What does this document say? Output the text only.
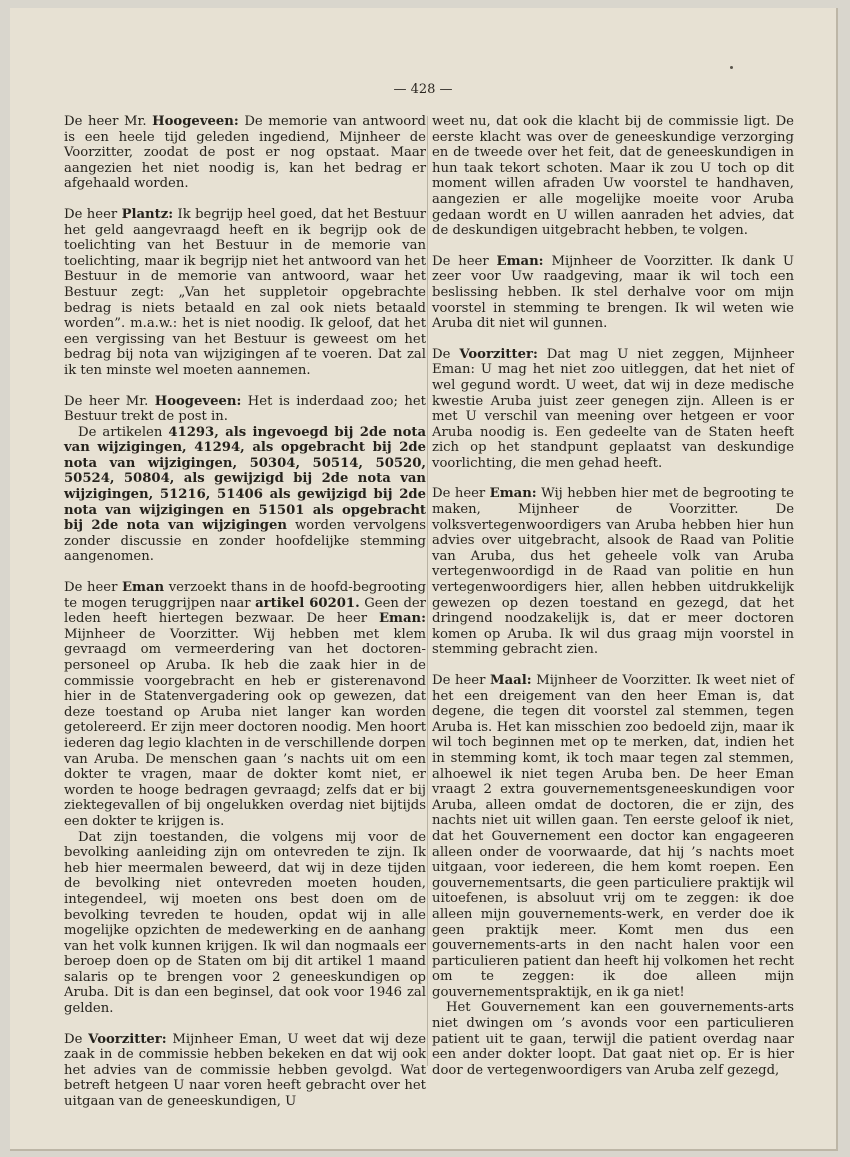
— 428 —

De heer Mr. Hoogeveen: De memorie van antwoord is een heele tijd geleden ingediend, Mijnheer de Voorzitter, zoodat de post er nog opstaat. Maar aangezien het niet noodig is, kan het bedrag er afgehaald worden.

De heer Plantz: Ik begrijp heel goed, dat het Bestuur het geld aangevraagd heeft en ik begrijp ook de toelichting van het Bestuur in de memorie van toelichting, maar ik begrijp niet het antwoord van het Bestuur in de memorie van antwoord, waar het Bestuur zegt: „Van het suppletoir opgebrachte bedrag is niets betaald en zal ook niets betaald worden”. m.a.w.: het is niet noodig. Ik geloof, dat het een vergissing van het Bestuur is geweest om het bedrag bij nota van wijzigingen af te voeren. Dat zal ik ten minste wel moeten aannemen.

De heer Mr. Hoogeveen: Het is inderdaad zoo; het Bestuur trekt de post in.

De artikelen 41293, als ingevoegd bij 2de nota van wijzigingen, 41294, als opgebracht bij 2de nota van wijzigingen, 50304, 50514, 50520, 50524, 50804, als gewijzigd bij 2de nota van wijzigingen, 51216, 51406 als gewijzigd bij 2de nota van wijzigingen en 51501 als opgebracht bij 2de nota van wijzigingen worden vervolgens zonder discussie en zonder hoofdelijke stemming aangenomen.

De heer Eman verzoekt thans in de hoofd-begrooting te mogen teruggrijpen naar artikel 60201. Geen der leden heeft hiertegen bezwaar. De heer Eman: Mijnheer de Voorzitter. Wij hebben met klem gevraagd om vermeerdering van het doctoren-personeel op Aruba. Ik heb die zaak hier in de commissie voorgebracht en heb er gisterenavond hier in de Statenvergadering ook op gewezen, dat deze toestand op Aruba niet langer kan worden getolereerd. Er zijn meer doctoren noodig. Men hoort iederen dag legio klachten in de verschillende dorpen van Aruba. De menschen gaan ’s nachts uit om een dokter te vragen, maar de dokter komt niet, er worden te hooge bedragen gevraagd; zelfs dat er bij ziektegevallen of bij ongelukken overdag niet bijtijds een dokter te krijgen is.

Dat zijn toestanden, die volgens mij voor de bevolking aanleiding zijn om ontevreden te zijn. Ik heb hier meermalen beweerd, dat wij in deze tijden de bevolking niet ontevreden moeten houden, integendeel, wij moeten ons best doen om de bevolking tevreden te houden, opdat wij in alle mogelijke opzichten de medewerking en de aanhang van het volk kunnen krijgen. Ik wil dan nogmaals eer beroep doen op de Staten om bij dit artikel 1 maand salaris op te brengen voor 2 geneeskundigen op Aruba. Dit is dan een beginsel, dat ook voor 1946 zal gelden.

De Voorzitter: Mijnheer Eman, U weet dat wij deze zaak in de commissie hebben bekeken en dat wij ook het advies van de commissie hebben gevolgd. Wat betreft hetgeen U naar voren heeft gebracht over het uitgaan van de geneeskundigen, U

weet nu, dat ook die klacht bij de commissie ligt. De eerste klacht was over de geneeskundige verzorging en de tweede over het feit, dat de geneeskundigen in hun taak tekort schoten. Maar ik zou U toch op dit moment willen afraden Uw voorstel te handhaven, aangezien er alle mogelijke moeite voor Aruba gedaan wordt en U willen aanraden het advies, dat de deskundigen uitgebracht hebben, te volgen.

De heer Eman: Mijnheer de Voorzitter. Ik dank U zeer voor Uw raadgeving, maar ik wil toch een beslissing hebben. Ik stel derhalve voor om mijn voorstel in stemming te brengen. Ik wil weten wie Aruba dit niet wil gunnen.

De Voorzitter: Dat mag U niet zeggen, Mijnheer Eman: U mag het niet zoo uitleggen, dat het niet of wel gegund wordt. U weet, dat wij in deze medische kwestie Aruba juist zeer genegen zijn. Alleen is er met U verschil van meening over hetgeen er voor Aruba noodig is. Een gedeelte van de Staten heeft zich op het standpunt geplaatst van deskundige voorlichting, die men gehad heeft.

De heer Eman: Wij hebben hier met de begrooting te maken, Mijnheer de Voorzitter. De volksvertegenwoordigers van Aruba hebben hier hun advies over uitgebracht, alsook de Raad van Politie van Aruba, dus het geheele volk van Aruba vertegenwoordigd in de Raad van politie en hun vertegenwoordigers hier, allen hebben uitdrukkelijk gewezen op dezen toestand en gezegd, dat het dringend noodzakelijk is, dat er meer doctoren komen op Aruba. Ik wil dus graag mijn voorstel in stemming gebracht zien.

De heer Maal: Mijnheer de Voorzitter. Ik weet niet of het een dreigement van den heer Eman is, dat degene, die tegen dit voorstel zal stemmen, tegen Aruba is. Het kan misschien zoo bedoeld zijn, maar ik wil toch beginnen met op te merken, dat, indien het in stemming komt, ik toch maar tegen zal stemmen, alhoewel ik niet tegen Aruba ben. De heer Eman vraagt 2 extra gouvernementsgeneeskundigen voor Aruba, alleen omdat de doctoren, die er zijn, des nachts niet uit willen gaan. Ten eerste geloof ik niet, dat het Gouvernement een doctor kan engageeren alleen onder de voorwaarde, dat hij ’s nachts moet uitgaan, voor iedereen, die hem komt roepen. Een gouvernementsarts, die geen particuliere praktijk wil uitoefenen, is absoluut vrij om te zeggen: ik doe alleen mijn gouvernements-werk, en verder doe ik geen praktijk meer. Komt men dus een gouvernements-arts in den nacht halen voor een particulieren patient dan heeft hij volkomen het recht om te zeggen: ik doe alleen mijn gouvernementspraktijk, en ik ga niet!

Het Gouvernement kan een gouvernements-arts niet dwingen om ’s avonds voor een particulieren patient uit te gaan, terwijl die patient overdag naar een ander dokter loopt. Dat gaat niet op. Er is hier door de vertegenwoordigers van Aruba zelf gezegd,
